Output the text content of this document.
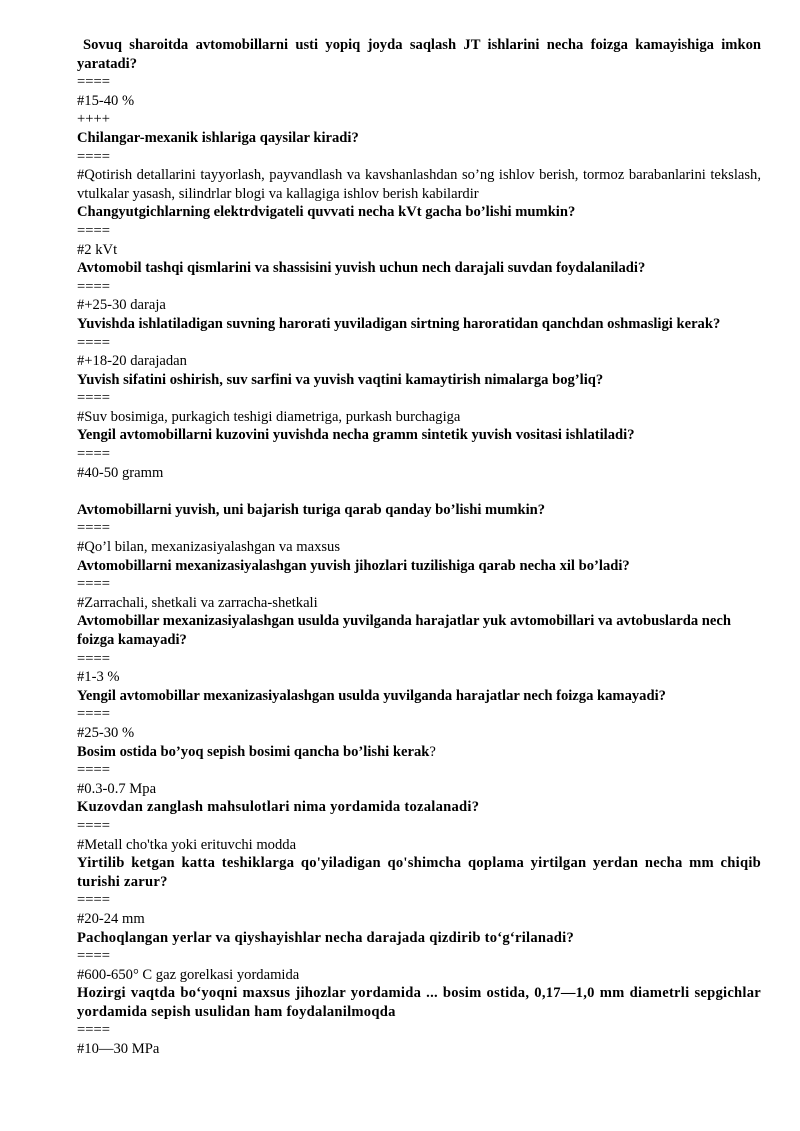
Sovuq sharoitda avtomobillarni usti yopiq joyda saqlash JT ishlarini necha foizga kamayishiga imkon yaratadi?

====

#15-40 %

++++

Chilangar-mexanik ishlariga qaysilar kiradi?

====

#Qotirish detallarini tayyorlash, payvandlash va kavshanlashdan so’ng ishlov berish, tormoz barabanlarini tekslash, vtulkalar yasash, silindrlar blogi va kallagiga ishlov berish kabilardir

Changyutgichlarning elektrdvigateli quvvati necha kVt gacha bo’lishi mumkin?

====

#2 kVt

Avtomobil tashqi qismlarini va shassisini yuvish uchun nech darajali suvdan foydalaniladi?

====

#+25-30 daraja

Yuvishda ishlatiladigan suvning harorati yuviladigan sirtning haroratidan qanchdan oshmasligi kerak?

====

#+18-20 darajadan

Yuvish sifatini oshirish, suv sarfini va yuvish vaqtini kamaytirish nimalarga bog’liq?

====

#Suv bosimiga, purkagich teshigi diametriga, purkash burchagiga

Yengil avtomobillarni kuzovini yuvishda necha gramm sintetik yuvish vositasi ishlatiladi?

====

#40-50 gramm

Avtomobillarni yuvish, uni bajarish turiga qarab qanday bo’lishi mumkin?

====

#Qo’l bilan, mexanizasiyalashgan va maxsus

Avtomobillarni mexanizasiyalashgan yuvish jihozlari tuzilishiga qarab necha xil bo’ladi?

====

#Zarrachali, shetkali va zarracha-shetkali

Avtomobillar mexanizasiyalashgan usulda yuvilganda harajatlar yuk avtomobillari va avtobuslarda nech foizga kamayadi?

====

#1-3 %

Yengil avtomobillar mexanizasiyalashgan usulda yuvilganda harajatlar nech foizga kamayadi?

====

#25-30 %

Bosim ostida bo’yoq sepish bosimi qancha bo’lishi kerak?

====

#0.3-0.7 Mpa

Kuzovdan zanglash mahsulotlari nima yordamida tozalanadi?

====

#Metall cho'tka yoki erituvchi modda

Yirtilib ketgan katta teshiklarga qo'yiladigan qo'shimcha qoplama yirtilgan yerdan necha mm chiqib turishi zarur?

====

#20-24 mm

Pachoqlangan yerlar va qiyshayishlar necha darajada qizdirib to‘g‘rilanadi?

====

#600-650° C gaz gorelkasi yordamida

Hozirgi vaqtda bo‘yoqni maxsus jihozlar yordamida ... bosim ostida, 0,17—1,0 mm diametrli sepgichlar yordamida sepish usulidan ham foydalanilmoqda

====

#10—30 MPa
